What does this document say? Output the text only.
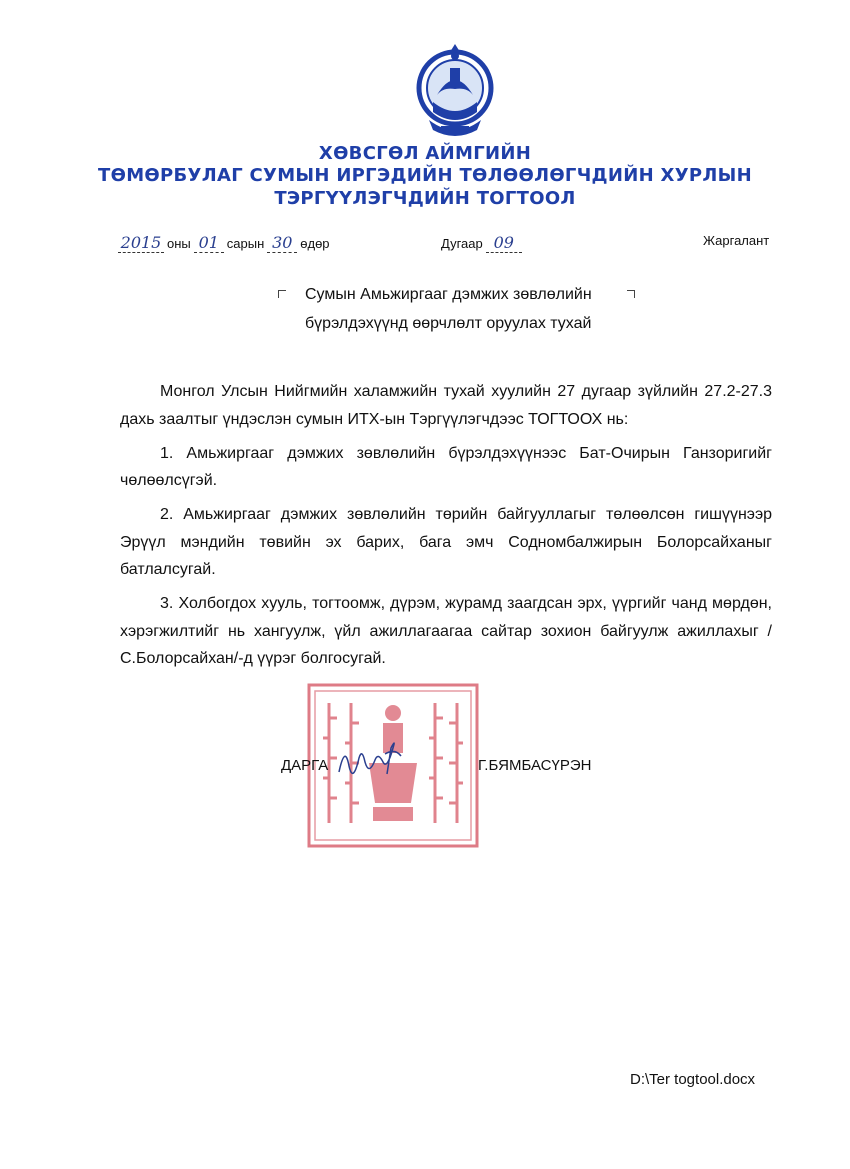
ХӨВСГӨЛ АЙМГИЙН
ТӨМӨРБУЛАГ СУМЫН ИРГЭДИЙН ТӨЛӨӨЛӨГЧДИЙН ХУРЛЫН
ТЭРГҮҮЛЭГЧДИЙН ТОГТООЛ
2015 оны 01 сарын 30 өдөр	Дугаар 09	Жаргалант
Сумын Амьжиргааг дэмжих зөвлөлийн
бүрэлдэхүүнд өөрчлөлт оруулах тухай

Монгол Улсын Нийгмийн халамжийн тухай хуулийн 27 дугаар зүйлийн 27.2-27.3 дахь заалтыг үндэслэн сумын ИТХ-ын Тэргүүлэгчдээс ТОГТООХ нь:

1. Амьжиргааг дэмжих зөвлөлийн бүрэлдэхүүнээс Бат-Очирын Ганзоригийг чөлөөлсүгэй.

2. Амьжиргааг дэмжих зөвлөлийн төрийн байгууллагыг төлөөлсөн гишүүнээр Эрүүл мэндийн төвийн эх барих, бага эмч Содномбалжирын Болорсайханыг батлалсугай.

3. Холбогдох хууль, тогтоомж, дүрэм, журамд заагдсан эрх, үүргийг чанд мөрдөн, хэрэгжилтийг нь хангуулж, үйл ажиллагаагаа сайтар зохион байгуулж ажиллахыг /С.Болорсайхан/-д үүрэг болгосугай.

ДАРГА	Г.БЯМБАСҮРЭН
D:\Ter togtool.docx
